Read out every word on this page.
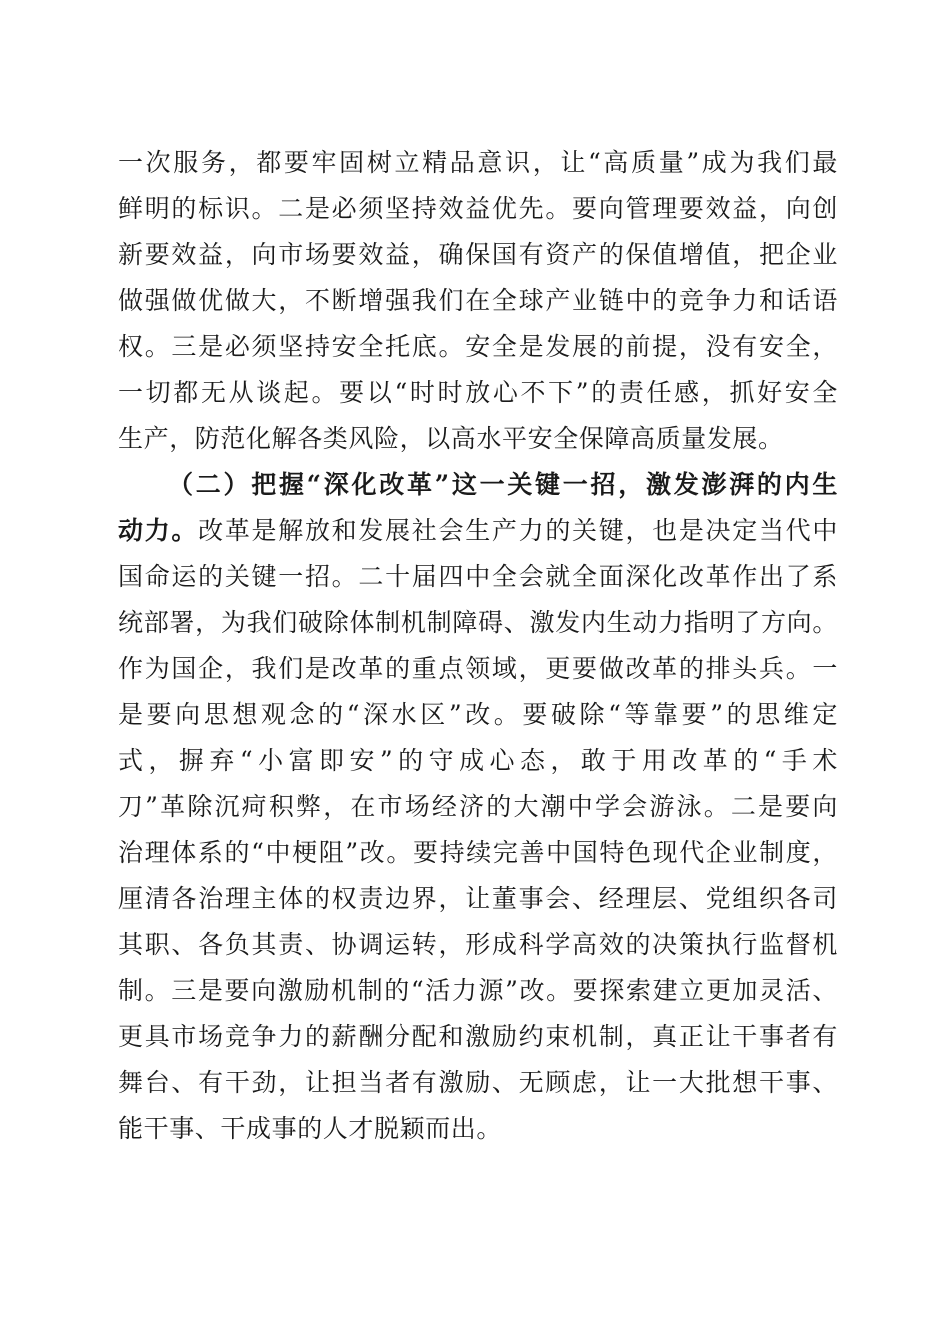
一次服务，都要牢固树立精品意识，让“高质量”成为我们最
鲜明的标识。二是必须坚持效益优先。要向管理要效益，向创
新要效益，向市场要效益，确保国有资产的保值增值，把企业
做强做优做大，不断增强我们在全球产业链中的竞争力和话语
权。三是必须坚持安全托底。安全是发展的前提，没有安全，
一切都无从谈起。要以“时时放心不下”的责任感，抓好安全
生产，防范化解各类风险，以高水平安全保障高质量发展。
（二）把握“深化改革”这一关键一招，激发澎湃的内生
动力。改革是解放和发展社会生产力的关键，也是决定当代中
国命运的关键一招。二十届四中全会就全面深化改革作出了系
统部署，为我们破除体制机制障碍、激发内生动力指明了方向。
作为国企，我们是改革的重点领域，更要做改革的排头兵。一
是要向思想观念的“深水区”改。要破除“等靠要”的思维定
式，摒弃“小富即安”的守成心态，敢于用改革的“手术
刀”革除沉疴积弊，在市场经济的大潮中学会游泳。二是要向
治理体系的“中梗阻”改。要持续完善中国特色现代企业制度，
厘清各治理主体的权责边界，让董事会、经理层、党组织各司
其职、各负其责、协调运转，形成科学高效的决策执行监督机
制。三是要向激励机制的“活力源”改。要探索建立更加灵活、
更具市场竞争力的薪酬分配和激励约束机制，真正让干事者有
舞台、有干劲，让担当者有激励、无顾虑，让一大批想干事、
能干事、干成事的人才脱颖而出。
